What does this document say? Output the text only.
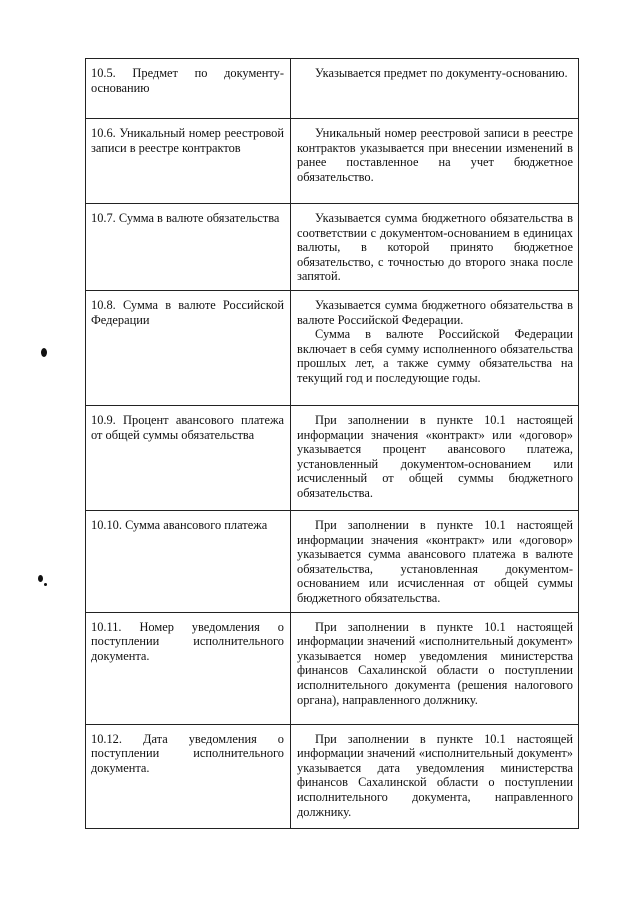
10.5. Предмет по документу-основанию	Указывается предмет по документу-основанию.

10.6. Уникальный номер реестровой записи в реестре контрактов	Уникальный номер реестровой записи в реестре контрактов указывается при внесении изменений в ранее поставленное на учет бюджетное обязательство.

10.7. Сумма в валюте обязательства	Указывается сумма бюджетного обязательства в соответствии с документом-основанием в единицах валюты, в которой принято бюджетное обязательство, с точностью до второго знака после запятой.

10.8. Сумма в валюте Российской Федерации	Указывается сумма бюджетного обязательства в валюте Российской Федерации.

Сумма в валюте Российской Федерации включает в себя сумму исполненного обязательства прошлых лет, а также сумму обязательства на текущий год и последующие годы.

10.9. Процент авансового платежа от общей суммы обязательства	При заполнении в пункте 10.1 настоящей информации значения «контракт» или «договор» указывается процент авансового платежа, установленный документом-основанием или исчисленный от общей суммы бюджетного обязательства.

10.10. Сумма авансового платежа	При заполнении в пункте 10.1 настоящей информации значения «контракт» или «договор» указывается сумма авансового платежа в валюте обязательства, установленная документом-основанием или исчисленная от общей суммы бюджетного обязательства.

10.11. Номер уведомления о поступлении исполнительного документа.	При заполнении в пункте 10.1 настоящей информации значений «исполнительный документ» указывается номер уведомления министерства финансов Сахалинской области о поступлении исполнительного документа (решения налогового органа), направленного должнику.

10.12. Дата уведомления о поступлении исполнительного документа.	При заполнении в пункте 10.1 настоящей информации значений «исполнительный документ» указывается дата уведомления министерства финансов Сахалинской области о поступлении исполнительного документа, направленного должнику.
